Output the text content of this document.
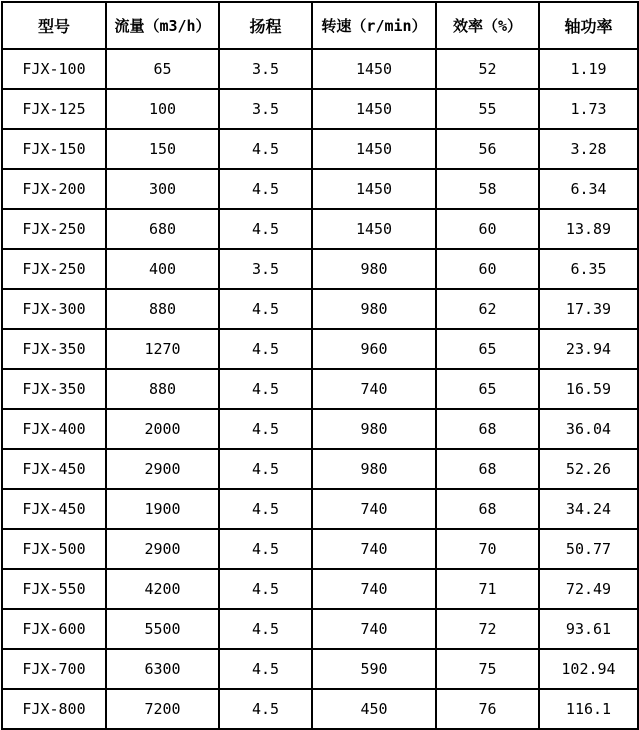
型号	流量（m3/h）	扬程	转速（r/min）	效率（%）	轴功率
FJX-100	65	3.5	1450	52	1.19
FJX-125	100	3.5	1450	55	1.73
FJX-150	150	4.5	1450	56	3.28
FJX-200	300	4.5	1450	58	6.34
FJX-250	680	4.5	1450	60	13.89
FJX-250	400	3.5	980	60	6.35
FJX-300	880	4.5	980	62	17.39
FJX-350	1270	4.5	960	65	23.94
FJX-350	880	4.5	740	65	16.59
FJX-400	2000	4.5	980	68	36.04
FJX-450	2900	4.5	980	68	52.26
FJX-450	1900	4.5	740	68	34.24
FJX-500	2900	4.5	740	70	50.77
FJX-550	4200	4.5	740	71	72.49
FJX-600	5500	4.5	740	72	93.61
FJX-700	6300	4.5	590	75	102.94
FJX-800	7200	4.5	450	76	116.1
